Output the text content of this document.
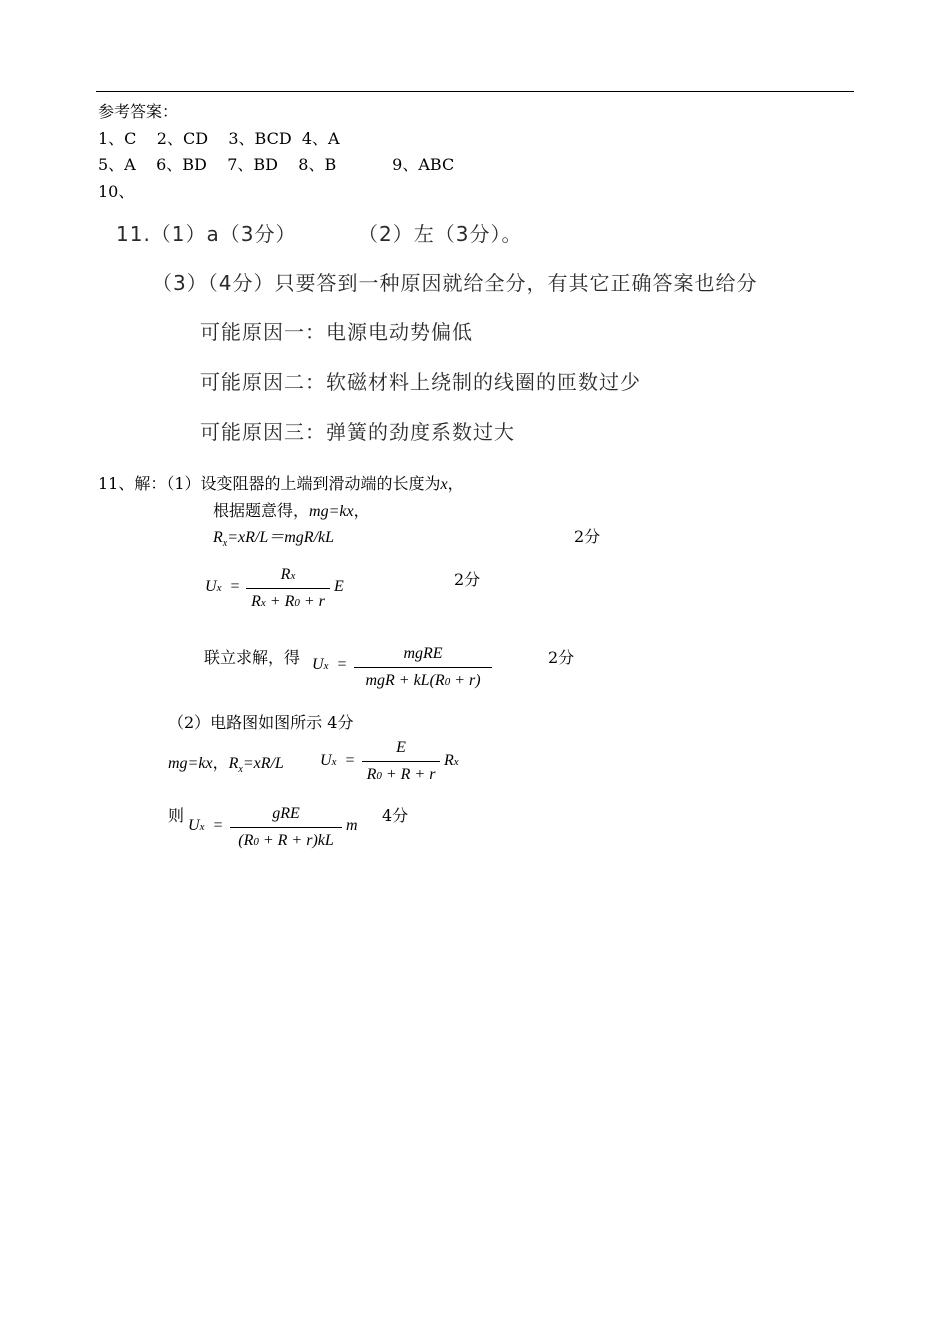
参考答案：
1、C    2、CD    3、BCD  4、A
5、A    6、BD    7、BD    8、B           9、ABC
10、
11.（1）a（3分）	（2）左（3分）。
（3）（4分）只要答到一种原因就给全分，有其它正确答案也给分
可能原因一：电源电动势偏低
可能原因二：软磁材料上绕制的线圈的匝数过少
可能原因三：弹簧的劲度系数过大
11、解：（1）设变阻器的上端到滑动端的长度为x，
根据题意得，mg=kx，
$R_x=xR/L=mgR/kL$	2分
Ux  =
Rx
Rx + R0 + r
E	2分
联立求解，得 Ux  =
mgRE
mgR + kL(R0 + r)
2分
（2）电路图如图所示 4分
mg=kx，$R_x=xR/L$ Ux  =
E
R0 + R + r
Rx
则
Ux  =
gRE
(R0 + R + r)kL
m
4分
